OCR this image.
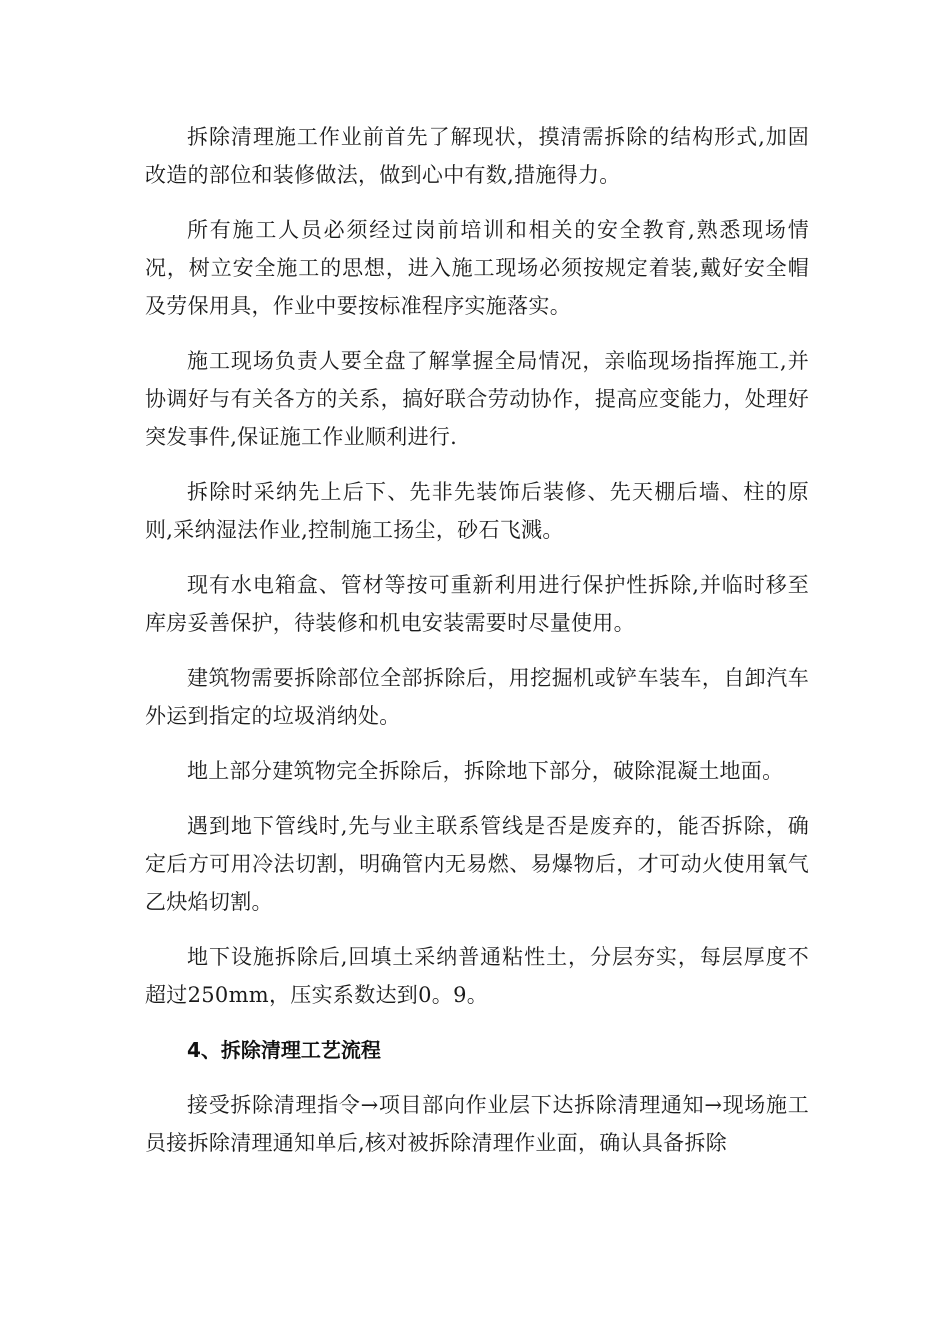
拆除清理施工作业前首先了解现状，摸清需拆除的结构形式,加固改造的部位和装修做法，做到心中有数,措施得力。

所有施工人员必须经过岗前培训和相关的安全教育,熟悉现场情况，树立安全施工的思想，进入施工现场必须按规定着装,戴好安全帽及劳保用具，作业中要按标准程序实施落实。

施工现场负责人要全盘了解掌握全局情况，亲临现场指挥施工,并协调好与有关各方的关系，搞好联合劳动协作，提高应变能力，处理好突发事件,保证施工作业顺利进行.

拆除时采纳先上后下、先非先装饰后装修、先天棚后墙、柱的原则,采纳湿法作业,控制施工扬尘，砂石飞溅。

现有水电箱盒、管材等按可重新利用进行保护性拆除,并临时移至库房妥善保护，待装修和机电安装需要时尽量使用。

建筑物需要拆除部位全部拆除后，用挖掘机或铲车装车，自卸汽车外运到指定的垃圾消纳处。

地上部分建筑物完全拆除后，拆除地下部分，破除混凝土地面。

遇到地下管线时,先与业主联系管线是否是废弃的，能否拆除，确定后方可用冷法切割，明确管内无易燃、易爆物后，才可动火使用氧气乙炔焰切割。

地下设施拆除后,回填土采纳普通粘性土，分层夯实，每层厚度不超过250mm，压实系数达到0。9。

4、拆除清理工艺流程

接受拆除清理指令→项目部向作业层下达拆除清理通知→现场施工员接拆除清理通知单后,核对被拆除清理作业面，确认具备拆除
